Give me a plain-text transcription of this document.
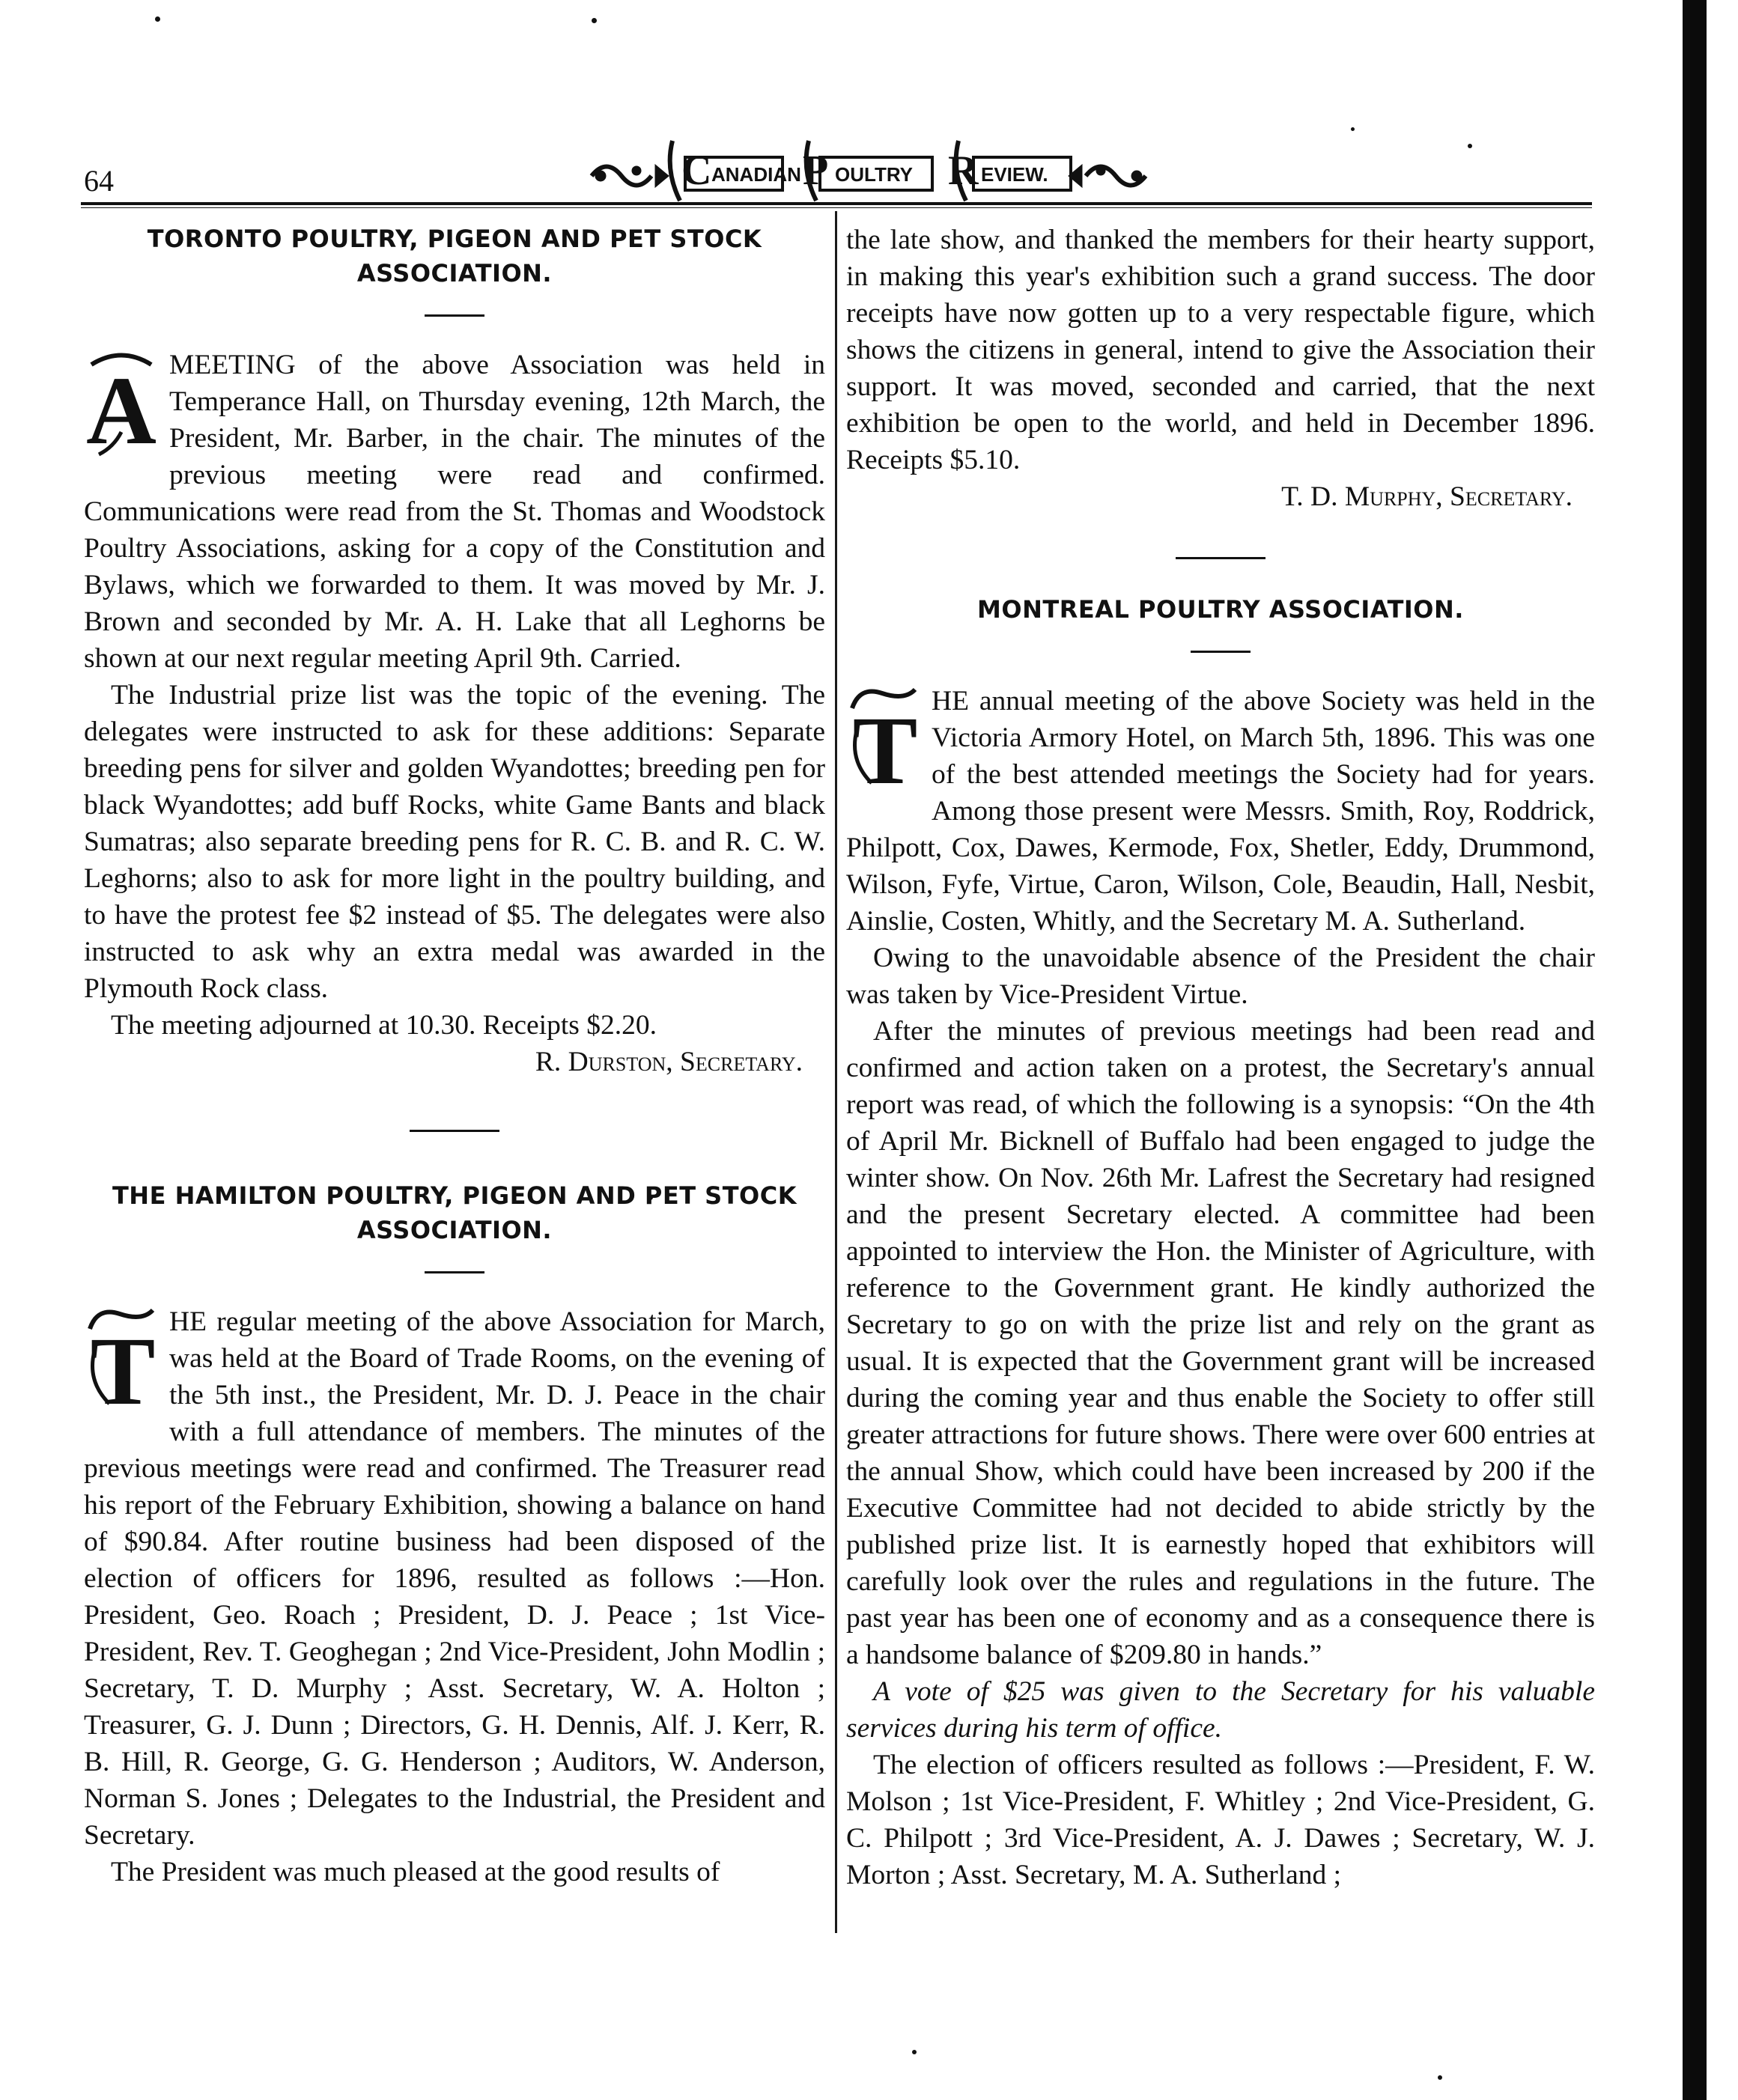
64	C ANADIAN P OULTRY R EVIEW.
TORONTO POULTRY, PIGEON AND PET STOCK
ASSOCIATION.

A MEETING of the above Association was held in Temperance Hall, on Thursday evening, 12th March, the President, Mr. Barber, in the chair. The minutes of the previous meeting were read and confirmed. Communications were read from the St. Thomas and Woodstock Poultry Associations, asking for a copy of the Constitution and Bylaws, which we forwarded to them. It was moved by Mr. J. Brown and seconded by Mr. A. H. Lake that all Leghorns be shown at our next regular meeting April 9th. Carried.

The Industrial prize list was the topic of the evening. The delegates were instructed to ask for these additions: Separate breeding pens for silver and golden Wyandottes; breeding pen for black Wyandottes; add buff Rocks, white Game Bants and black Sumatras; also separate breeding pens for R. C. B. and R. C. W. Leghorns; also to ask for more light in the poultry building, and to have the protest fee $2 instead of $5. The delegates were also instructed to ask why an extra medal was awarded in the Plymouth Rock class.

The meeting adjourned at 10.30. Receipts $2.20.

R. Durston, Secretary.

THE HAMILTON POULTRY, PIGEON AND PET STOCK
ASSOCIATION.

T HE regular meeting of the above Association for March, was held at the Board of Trade Rooms, on the evening of the 5th inst., the President, Mr. D. J. Peace in the chair with a full attendance of members. The minutes of the previous meetings were read and confirmed. The Treasurer read his report of the February Exhibition, showing a balance on hand of $90.84. After routine business had been disposed of the election of officers for 1896, resulted as follows :—Hon. President, Geo. Roach ; President, D. J. Peace ; 1st Vice-President, Rev. T. Geoghegan ; 2nd Vice-President, John Modlin ; Secretary, T. D. Murphy ; Asst. Secretary, W. A. Holton ; Treasurer, G. J. Dunn ; Directors, G. H. Dennis, Alf. J. Kerr, R. B. Hill, R. George, G. G. Henderson ; Auditors, W. Anderson, Norman S. Jones ; Delegates to the Industrial, the President and Secretary.

The President was much pleased at the good results of

the late show, and thanked the members for their hearty support, in making this year's exhibition such a grand success. The door receipts have now gotten up to a very respectable figure, which shows the citizens in general, intend to give the Association their support. It was moved, seconded and carried, that the next exhibition be open to the world, and held in December 1896. Receipts $5.10.

T. D. Murphy, Secretary.

MONTREAL POULTRY ASSOCIATION.

T HE annual meeting of the above Society was held in the Victoria Armory Hotel, on March 5th, 1896. This was one of the best attended meetings the Society had for years. Among those present were Messrs. Smith, Roy, Roddrick, Philpott, Cox, Dawes, Kermode, Fox, Shetler, Eddy, Drummond, Wilson, Fyfe, Virtue, Caron, Wilson, Cole, Beaudin, Hall, Nesbit, Ainslie, Costen, Whitly, and the Secretary M. A. Sutherland.

Owing to the unavoidable absence of the President the chair was taken by Vice-President Virtue.

After the minutes of previous meetings had been read and confirmed and action taken on a protest, the Secretary's annual report was read, of which the following is a synopsis: “On the 4th of April Mr. Bicknell of Buffalo had been engaged to judge the winter show. On Nov. 26th Mr. Lafrest the Secretary had resigned and the present Secretary elected. A committee had been appointed to interview the Hon. the Minister of Agriculture, with reference to the Government grant. He kindly authorized the Secretary to go on with the prize list and rely on the grant as usual. It is expected that the Government grant will be increased during the coming year and thus enable the Society to offer still greater attractions for future shows. There were over 600 entries at the annual Show, which could have been increased by 200 if the Executive Committee had not decided to abide strictly by the published prize list. It is earnestly hoped that exhibitors will carefully look over the rules and regulations in the future. The past year has been one of economy and as a consequence there is a handsome balance of $209.80 in hands.”

A vote of $25 was given to the Secretary for his valuable services during his term of office.

The election of officers resulted as follows :—President, F. W. Molson ; 1st Vice-President, F. Whitley ; 2nd Vice-President, G. C. Philpott ; 3rd Vice-President, A. J. Dawes ; Secretary, W. J. Morton ; Asst. Secretary, M. A. Sutherland ;
